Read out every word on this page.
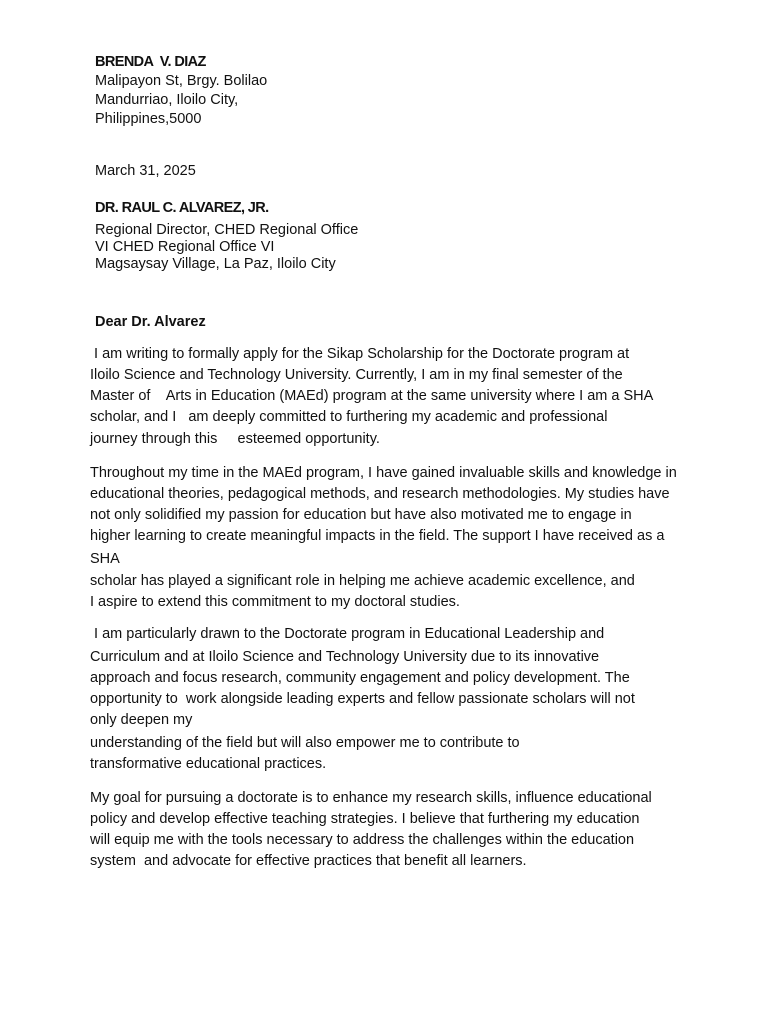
BRENDA  V. DIAZ
Malipayon St, Brgy. Bolilao
Mandurriao, Iloilo City,
Philippines,5000
March 31, 2025
DR. RAUL C. ALVAREZ, JR.
Regional Director, CHED Regional Office
VI CHED Regional Office VI
Magsaysay Village, La Paz, Iloilo City
Dear Dr. Alvarez
I am writing to formally apply for the Sikap Scholarship for the Doctorate program at
Iloilo Science and Technology University. Currently, I am in my final semester of the
Master of    Arts in Education (MAEd) program at the same university where I am a SHA
scholar, and I   am deeply committed to furthering my academic and professional
journey through this     esteemed opportunity.
Throughout my time in the MAEd program, I have gained invaluable skills and knowledge in
educational theories, pedagogical methods, and research methodologies. My studies have
not only solidified my passion for education but have also motivated me to engage in
higher learning to create meaningful impacts in the field. The support I have received as a
SHA
scholar has played a significant role in helping me achieve academic excellence, and
I aspire to extend this commitment to my doctoral studies.
I am particularly drawn to the Doctorate program in Educational Leadership and
Curriculum and at Iloilo Science and Technology University due to its innovative
approach and focus research, community engagement and policy development. The
opportunity to  work alongside leading experts and fellow passionate scholars will not
only deepen my
understanding of the field but will also empower me to contribute to
transformative educational practices.
My goal for pursuing a doctorate is to enhance my research skills, influence educational
policy and develop effective teaching strategies. I believe that furthering my education
will equip me with the tools necessary to address the challenges within the education
system  and advocate for effective practices that benefit all learners.
